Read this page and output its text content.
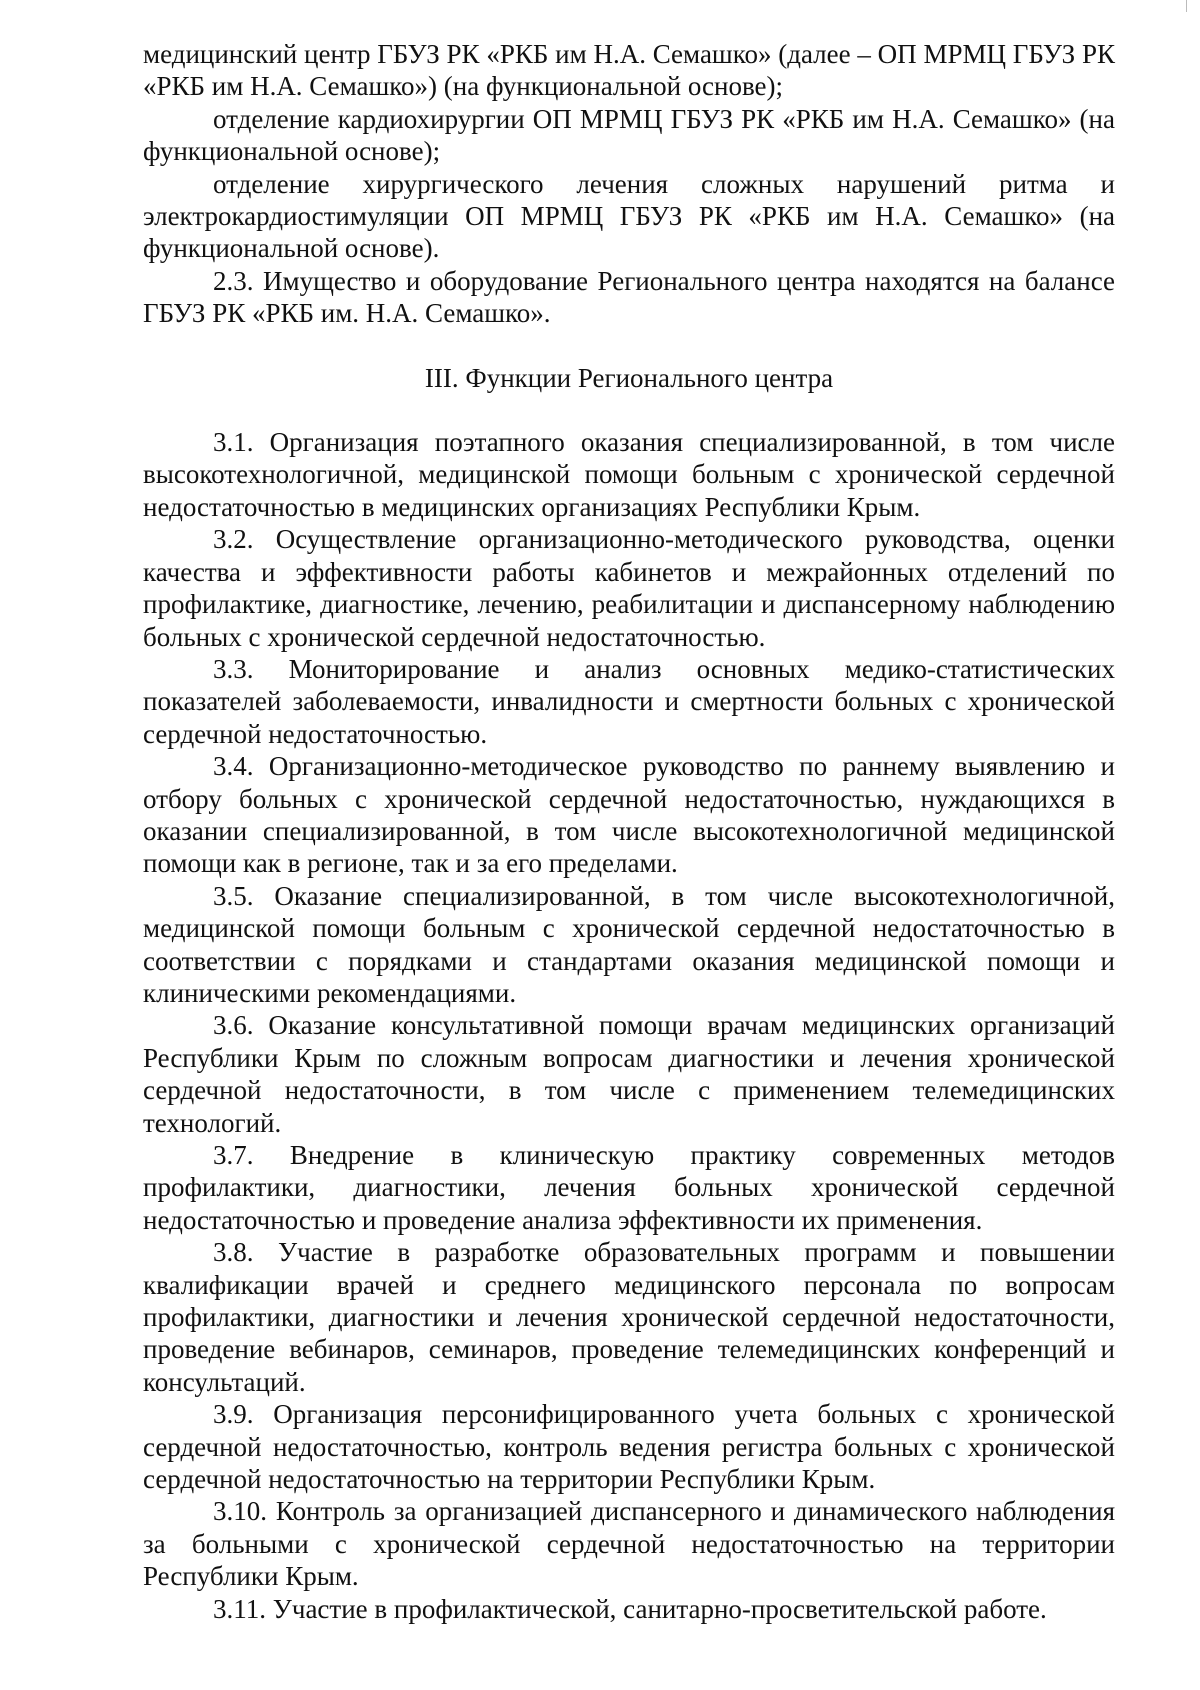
медицинский центр ГБУЗ РК «РКБ им Н.А. Семашко» (далее – ОП МРМЦ ГБУЗ РК «РКБ им Н.А. Семашко») (на функциональной основе);

отделение кардиохирургии ОП МРМЦ ГБУЗ РК «РКБ им Н.А. Семашко» (на функциональной основе);

отделение хирургического лечения сложных нарушений ритма и электрокардиостимуляции ОП МРМЦ ГБУЗ РК «РКБ им Н.А. Семашко» (на функциональной основе).

2.3. Имущество и оборудование Регионального центра находятся на балансе ГБУЗ РК «РКБ им. Н.А. Семашко».

III. Функции Регионального центра

3.1. Организация поэтапного оказания специализированной, в том числе высокотехнологичной, медицинской помощи больным с хронической сердечной недостаточностью в медицинских организациях Республики Крым.

3.2. Осуществление организационно-методического руководства, оценки качества и эффективности работы кабинетов и межрайонных отделений по профилактике, диагностике, лечению, реабилитации и диспансерному наблюдению больных с хронической сердечной недостаточностью.

3.3. Мониторирование и анализ основных медико-статистических показателей заболеваемости, инвалидности и смертности больных с хронической сердечной недостаточностью.

3.4. Организационно-методическое руководство по раннему выявлению и отбору больных с хронической сердечной недостаточностью, нуждающихся в оказании специализированной, в том числе высокотехнологичной медицинской помощи как в регионе, так и за его пределами.

3.5. Оказание специализированной, в том числе высокотехнологичной, медицинской помощи больным с хронической сердечной недостаточностью в соответствии с порядками и стандартами оказания медицинской помощи и клиническими рекомендациями.

3.6. Оказание консультативной помощи врачам медицинских организаций Республики Крым по сложным вопросам диагностики и лечения хронической сердечной недостаточности, в том числе с применением телемедицинских технологий.

3.7. Внедрение в клиническую практику современных методов профилактики, диагностики, лечения больных хронической сердечной недостаточностью и проведение анализа эффективности их применения.

3.8. Участие в разработке образовательных программ и повышении квалификации врачей и среднего медицинского персонала по вопросам профилактики, диагностики и лечения хронической сердечной недостаточности, проведение вебинаров, семинаров, проведение телемедицинских конференций и консультаций.

3.9. Организация персонифицированного учета больных с хронической сердечной недостаточностью, контроль ведения регистра больных с хронической сердечной недостаточностью на территории Республики Крым.

3.10. Контроль за организацией диспансерного и динамического наблюдения за больными с хронической сердечной недостаточностью на территории Республики Крым.

3.11. Участие в профилактической, санитарно-просветительской работе.
